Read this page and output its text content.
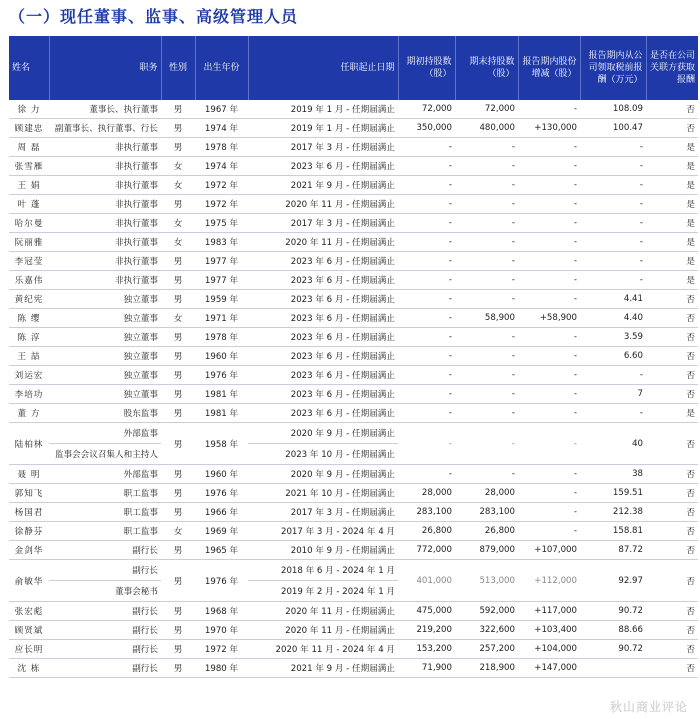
（一）现任董事、监事、高级管理人员
姓名	职务	性别	出生年份	任职起止日期	期初持股数（股）	期末持股数（股）	报告期内股份增减（股）	报告期内从公司领取税前报酬（万元）	是否在公司关联方获取报酬
徐 力	董事长、执行董事	男	1967 年	2019 年 1 月 - 任期届满止	72,000	72,000	-	108.09	否
顾建忠	副董事长、执行董事、行长	男	1974 年	2019 年 1 月 - 任期届满止	350,000	480,000	+130,000	100.47	否
周 磊	非执行董事	男	1978 年	2017 年 3 月 - 任期届满止	-	-	-	-	是
张雪雁	非执行董事	女	1974 年	2023 年 6 月 - 任期届满止	-	-	-	-	是
王 娟	非执行董事	女	1972 年	2021 年 9 月 - 任期届满止	-	-	-	-	是
叶 蓬	非执行董事	男	1972 年	2020 年 11 月 - 任期届满止	-	-	-	-	是
哈尔曼	非执行董事	女	1975 年	2017 年 3 月 - 任期届满止	-	-	-	-	是
阮丽雅	非执行董事	女	1983 年	2020 年 11 月 - 任期届满止	-	-	-	-	是
李冠莹	非执行董事	男	1977 年	2023 年 6 月 - 任期届满止	-	-	-	-	是
乐嘉伟	非执行董事	男	1977 年	2023 年 6 月 - 任期届满止	-	-	-	-	是
黄纪宪	独立董事	男	1959 年	2023 年 6 月 - 任期届满止	-	-	-	4.41	否
陈 缨	独立董事	女	1971 年	2023 年 6 月 - 任期届满止	-	58,900	+58,900	4.40	否
陈 淳	独立董事	男	1978 年	2023 年 6 月 - 任期届满止	-	-	-	3.59	否
王 喆	独立董事	男	1960 年	2023 年 6 月 - 任期届满止	-	-	-	6.60	否
刘运宏	独立董事	男	1976 年	2023 年 6 月 - 任期届满止	-	-	-	-	否
李培功	独立董事	男	1981 年	2023 年 6 月 - 任期届满止	-	-	-	7	否
董 方	股东监事	男	1981 年	2023 年 6 月 - 任期届满止	-	-	-	-	是
陆柏林	外部监事	男	1958 年	2020 年 9 月 - 任期届满止	-	-	-	40	否
	监事会会议召集人和主持人			2023 年 10 月 - 任期届满止					
聂 明	外部监事	男	1960 年	2020 年 9 月 - 任期届满止	-	-	-	38	否
郭知飞	职工监事	男	1976 年	2021 年 10 月 - 任期届满止	28,000	28,000	-	159.51	否
杨国君	职工监事	男	1966 年	2017 年 3 月 - 任期届满止	283,100	283,100	-	212.38	否
徐静芬	职工监事	女	1969 年	2017 年 3 月 - 2024 年 4 月	26,800	26,800	-	158.81	否
金剑华	副行长	男	1965 年	2010 年 9 月 - 任期届满止	772,000	879,000	+107,000	87.72	否
俞敏华	副行长	男	1976 年	2018 年 6 月 - 2024 年 1 月	401,000	513,000	+112,000	92.97	否
	董事会秘书			2019 年 2 月 - 2024 年 1 月					
张宏彪	副行长	男	1968 年	2020 年 11 月 - 任期届满止	475,000	592,000	+117,000	90.72	否
顾贤斌	副行长	男	1970 年	2020 年 11 月 - 任期届满止	219,200	322,600	+103,400	88.66	否
应长明	副行长	男	1972 年	2020 年 11 月 - 2024 年 4 月	153,200	257,200	+104,000	90.72	否
沈 栋	副行长	男	1980 年	2021 年 9 月 - 任期届满止	71,900	218,900	+147,000		否
秋山商业评论
